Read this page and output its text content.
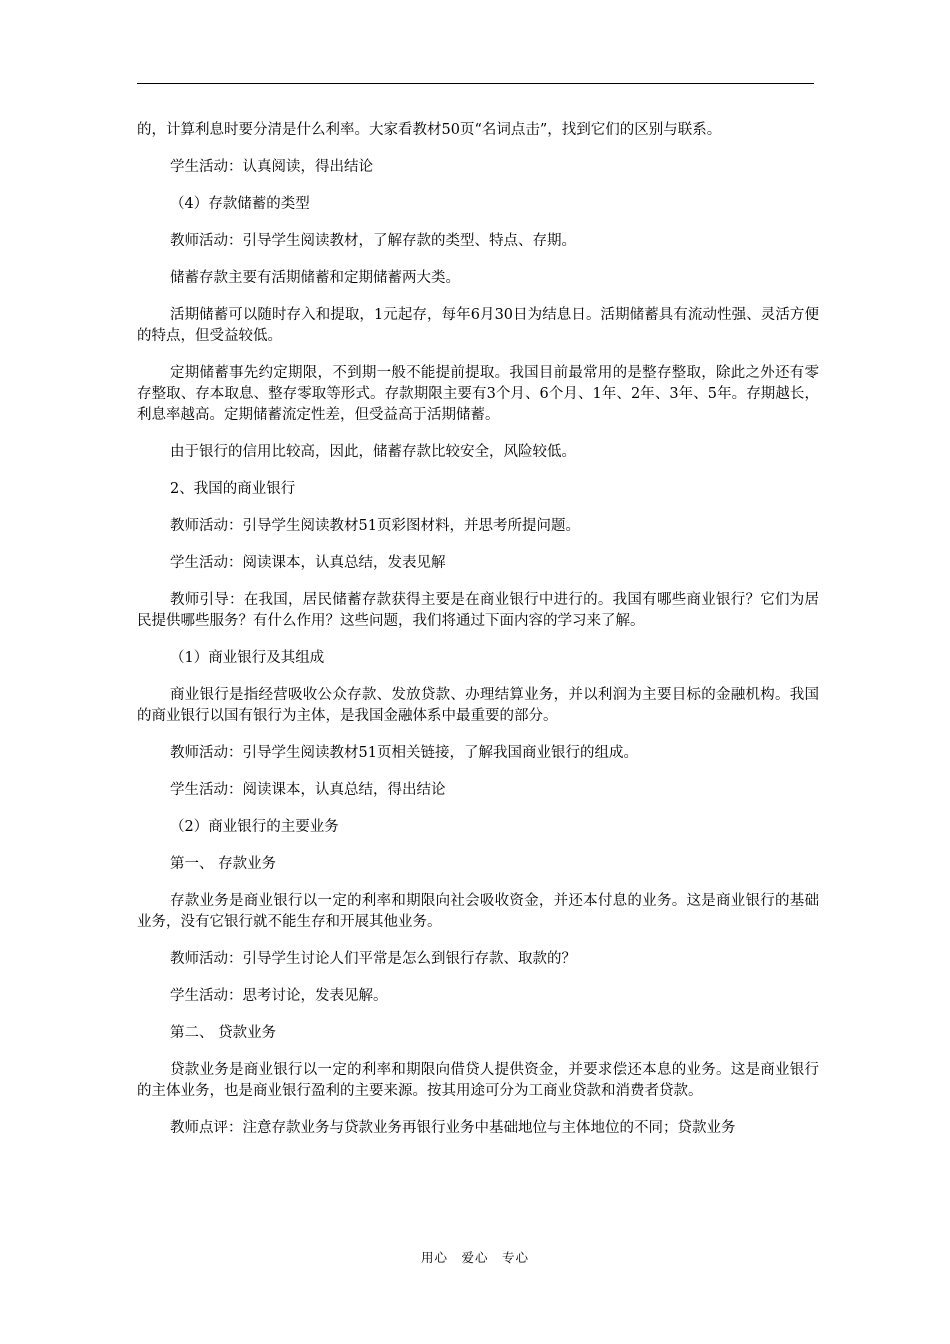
的，计算利息时要分清是什么利率。大家看教材50页“名词点击”，找到它们的区别与联系。

学生活动：认真阅读，得出结论

（4）存款储蓄的类型

教师活动：引导学生阅读教材，了解存款的类型、特点、存期。

储蓄存款主要有活期储蓄和定期储蓄两大类。

活期储蓄可以随时存入和提取，1元起存，每年6月30日为结息日。活期储蓄具有流动性强、灵活方便的特点，但受益较低。

定期储蓄事先约定期限，不到期一般不能提前提取。我国目前最常用的是整存整取，除此之外还有零存整取、存本取息、整存零取等形式。存款期限主要有3个月、6个月、1年、2年、3年、5年。存期越长，利息率越高。定期储蓄流定性差，但受益高于活期储蓄。

由于银行的信用比较高，因此，储蓄存款比较安全，风险较低。

2、我国的商业银行

教师活动：引导学生阅读教材51页彩图材料，并思考所提问题。

学生活动：阅读课本，认真总结，发表见解

教师引导：在我国，居民储蓄存款获得主要是在商业银行中进行的。我国有哪些商业银行？它们为居民提供哪些服务？有什么作用？这些问题，我们将通过下面内容的学习来了解。

（1）商业银行及其组成

商业银行是指经营吸收公众存款、发放贷款、办理结算业务，并以利润为主要目标的金融机构。我国的商业银行以国有银行为主体，是我国金融体系中最重要的部分。

教师活动：引导学生阅读教材51页相关链接，了解我国商业银行的组成。

学生活动：阅读课本，认真总结，得出结论

（2）商业银行的主要业务

第一、 存款业务

存款业务是商业银行以一定的利率和期限向社会吸收资金，并还本付息的业务。这是商业银行的基础业务，没有它银行就不能生存和开展其他业务。

教师活动：引导学生讨论人们平常是怎么到银行存款、取款的？

学生活动：思考讨论，发表见解。

第二、 贷款业务

贷款业务是商业银行以一定的利率和期限向借贷人提供资金，并要求偿还本息的业务。这是商业银行的主体业务，也是商业银行盈利的主要来源。按其用途可分为工商业贷款和消费者贷款。

教师点评：注意存款业务与贷款业务再银行业务中基础地位与主体地位的不同；贷款业务

用心　爱心　专心
